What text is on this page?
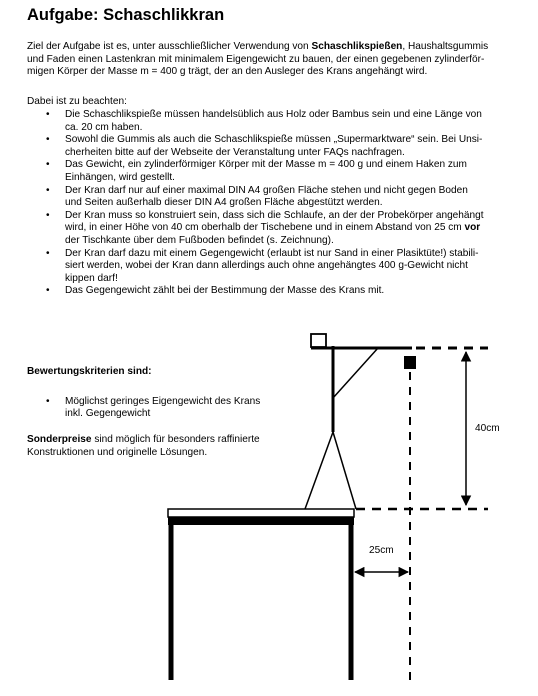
Aufgabe: Schaschlikkran

Ziel der Aufgabe ist es, unter ausschließlicher Verwendung von Schaschlikspießen, Haushaltsgummis
und Faden einen Lastenkran mit minimalem Eigengewicht zu bauen, der einen gegebenen zylinderför-
migen Körper der Masse m = 400 g trägt, der an den Ausleger des Krans angehängt wird.

Dabei ist zu beachten:

• Die Schaschlikspieße müssen handelsüblich aus Holz oder Bambus sein und eine Länge von
ca. 20 cm haben.
• Sowohl die Gummis als auch die Schaschlikspieße müssen „Supermarktware“ sein. Bei Unsi-
cherheiten bitte auf der Webseite der Veranstaltung unter FAQs nachfragen.
• Das Gewicht, ein zylinderförmiger Körper mit der Masse m = 400 g und einem Haken zum
Einhängen, wird gestellt.
• Der Kran darf nur auf einer maximal DIN A4 großen Fläche stehen und nicht gegen Boden
und Seiten außerhalb dieser DIN A4 großen Fläche abgestützt werden.
• Der Kran muss so konstruiert sein, dass sich die Schlaufe, an der der Probekörper angehängt
wird, in einer Höhe von 40 cm oberhalb der Tischebene und in einem Abstand von 25 cm vor
der Tischkante über dem Fußboden befindet (s. Zeichnung).
• Der Kran darf dazu mit einem Gegengewicht (erlaubt ist nur Sand in einer Plasiktüte!) stabili-
siert werden, wobei der Kran dann allerdings auch ohne angehängtes 400 g-Gewicht nicht
kippen darf!
• Das Gegengewicht zählt bei der Bestimmung der Masse des Krans mit.

Bewertungskriterien sind:

• Möglichst geringes Eigengewicht des Krans
inkl. Gegengewicht

Sonderpreise sind möglich für besonders raffinierte
Konstruktionen und originelle Lösungen.

40cm
25cm
